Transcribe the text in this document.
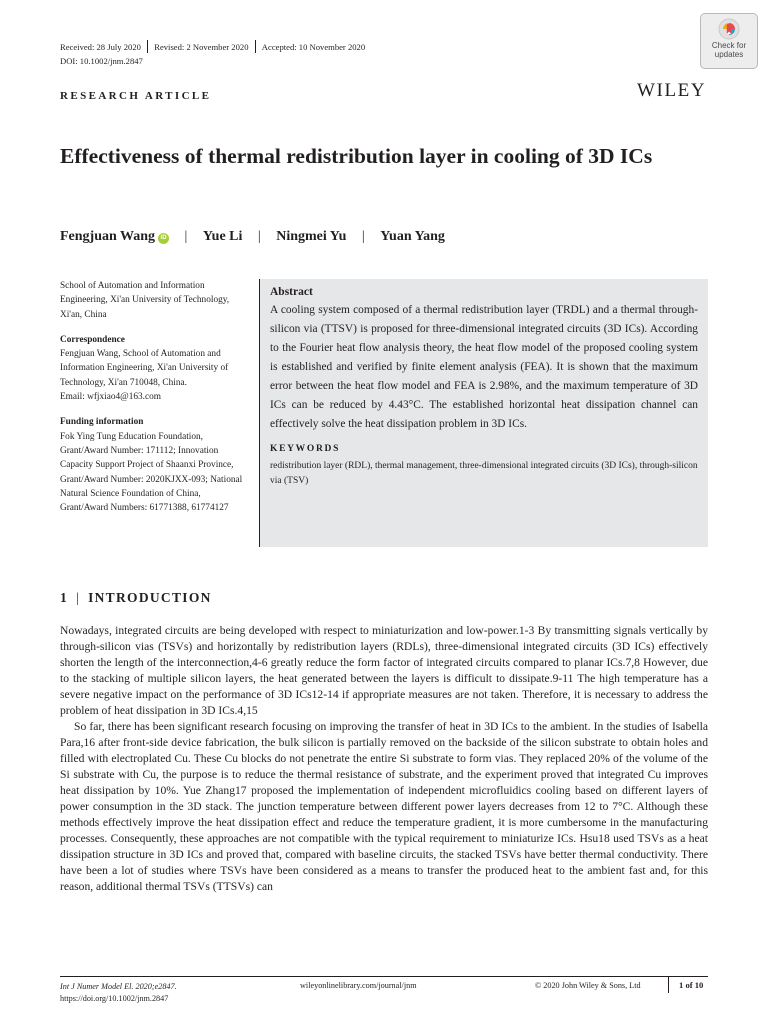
Received: 28 July 2020 Revised: 2 November 2020 Accepted: 10 November 2020
DOI: 10.1002/jnm.2847
Check for
updates
WILEY
RESEARCH ARTICLE
Effectiveness of thermal redistribution layer in cooling of 3D ICs
Fengjuan Wang iD | Yue Li | Ningmei Yu | Yuan Yang
School of Automation and Information Engineering, Xi'an University of Technology, Xi'an, China
Correspondence
Fengjuan Wang, School of Automation and Information Engineering, Xi'an University of Technology, Xi'an 710048, China.
Email: wfjxiao4@163.com
Funding information
Fok Ying Tung Education Foundation, Grant/Award Number: 171112; Innovation Capacity Support Project of Shaanxi Province, Grant/Award Number: 2020KJXX-093; National Natural Science Foundation of China, Grant/Award Numbers: 61771388, 61774127
Abstract
A cooling system composed of a thermal redistribution layer (TRDL) and a thermal through-silicon via (TTSV) is proposed for three-dimensional integrated circuits (3D ICs). According to the Fourier heat flow analysis theory, the heat flow model of the proposed cooling system is established and verified by finite element analysis (FEA). It is shown that the maximum error between the heat flow model and FEA is 2.98%, and the maximum temperature of 3D ICs can be reduced by 4.43°C. The established horizontal heat dissipation channel can effectively solve the heat dissipation problem in 3D ICs.
KEYWORDS
redistribution layer (RDL), thermal management, three-dimensional integrated circuits (3D ICs), through-silicon via (TSV)
1 | INTRODUCTION

Nowadays, integrated circuits are being developed with respect to miniaturization and low-power.1-3 By transmitting signals vertically by through-silicon vias (TSVs) and horizontally by redistribution layers (RDLs), three-dimensional integrated circuits (3D ICs) effectively shorten the length of the interconnection,4-6 greatly reduce the form factor of integrated circuits compared to planar ICs.7,8 However, due to the stacking of multiple silicon layers, the heat generated between the layers is difficult to dissipate.9-11 The high temperature has a severe negative impact on the performance of 3D ICs12-14 if appropriate measures are not taken. Therefore, it is necessary to address the problem of heat dissipation in 3D ICs.4,15

So far, there has been significant research focusing on improving the transfer of heat in 3D ICs to the ambient. In the studies of Isabella Para,16 after front-side device fabrication, the bulk silicon is partially removed on the backside of the silicon substrate to obtain holes and filled with electroplated Cu. These Cu blocks do not penetrate the entire Si substrate to form vias. They replaced 20% of the volume of the Si substrate with Cu, the purpose is to reduce the thermal resistance of substrate, and the experiment proved that integrated Cu improves heat dissipation by 10%. Yue Zhang17 proposed the implementation of independent microfluidics cooling based on different layers of power consumption in the 3D stack. The junction temperature between different power layers decreases from 12 to 7°C. Although these methods effectively improve the heat dissipation effect and reduce the temperature gradient, it is more cumbersome in the manufacturing processes. Consequently, these approaches are not compatible with the typical requirement to miniaturize ICs. Hsu18 used TSVs as a heat dissipation structure in 3D ICs and proved that, compared with baseline circuits, the stacked TSVs have better thermal conductivity. There have been a lot of studies where TSVs have been considered as a means to transfer the produced heat to the ambient fast and, for this reason, additional thermal TSVs (TTSVs) can

Int J Numer Model El. 2020;e2847.
https://doi.org/10.1002/jnm.2847
wileyonlinelibrary.com/journal/jnm	© 2020 John Wiley & Sons, Ltd	1 of 10
